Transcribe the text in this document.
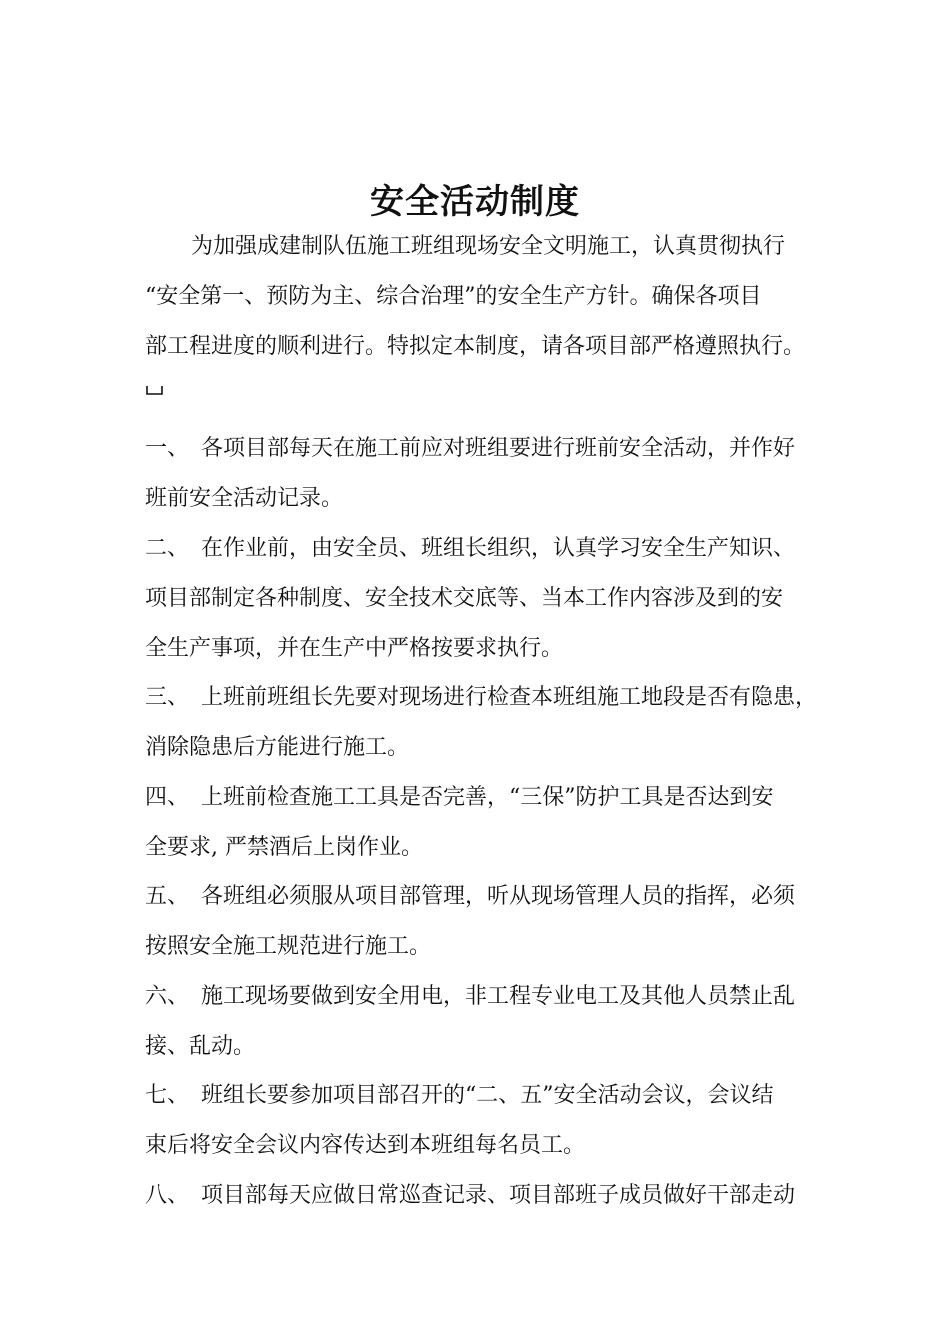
安全活动制度
为加强成建制队伍施工班组现场安全文明施工，认真贯彻执行
“安全第一、预防为主、综合治理”的安全生产方针。确保各项目
部工程进度的顺利进行。特拟定本制度，请各项目部严格遵照执行。
一、 各项目部每天在施工前应对班组要进行班前安全活动，并作好
班前安全活动记录。
二、 在作业前，由安全员、班组长组织，认真学习安全生产知识、
项目部制定各种制度、安全技术交底等、当本工作内容涉及到的安
全生产事项，并在生产中严格按要求执行。
三、 上班前班组长先要对现场进行检查本班组施工地段是否有隐患，
消除隐患后方能进行施工。
四、 上班前检查施工工具是否完善，“三保”防护工具是否达到安
全要求, 严禁酒后上岗作业。
五、 各班组必须服从项目部管理，听从现场管理人员的指挥，必须
按照安全施工规范进行施工。
六、 施工现场要做到安全用电，非工程专业电工及其他人员禁止乱
接、乱动。
七、 班组长要参加项目部召开的“二、五”安全活动会议，会议结
束后将安全会议内容传达到本班组每名员工。
八、 项目部每天应做日常巡查记录、项目部班子成员做好干部走动
